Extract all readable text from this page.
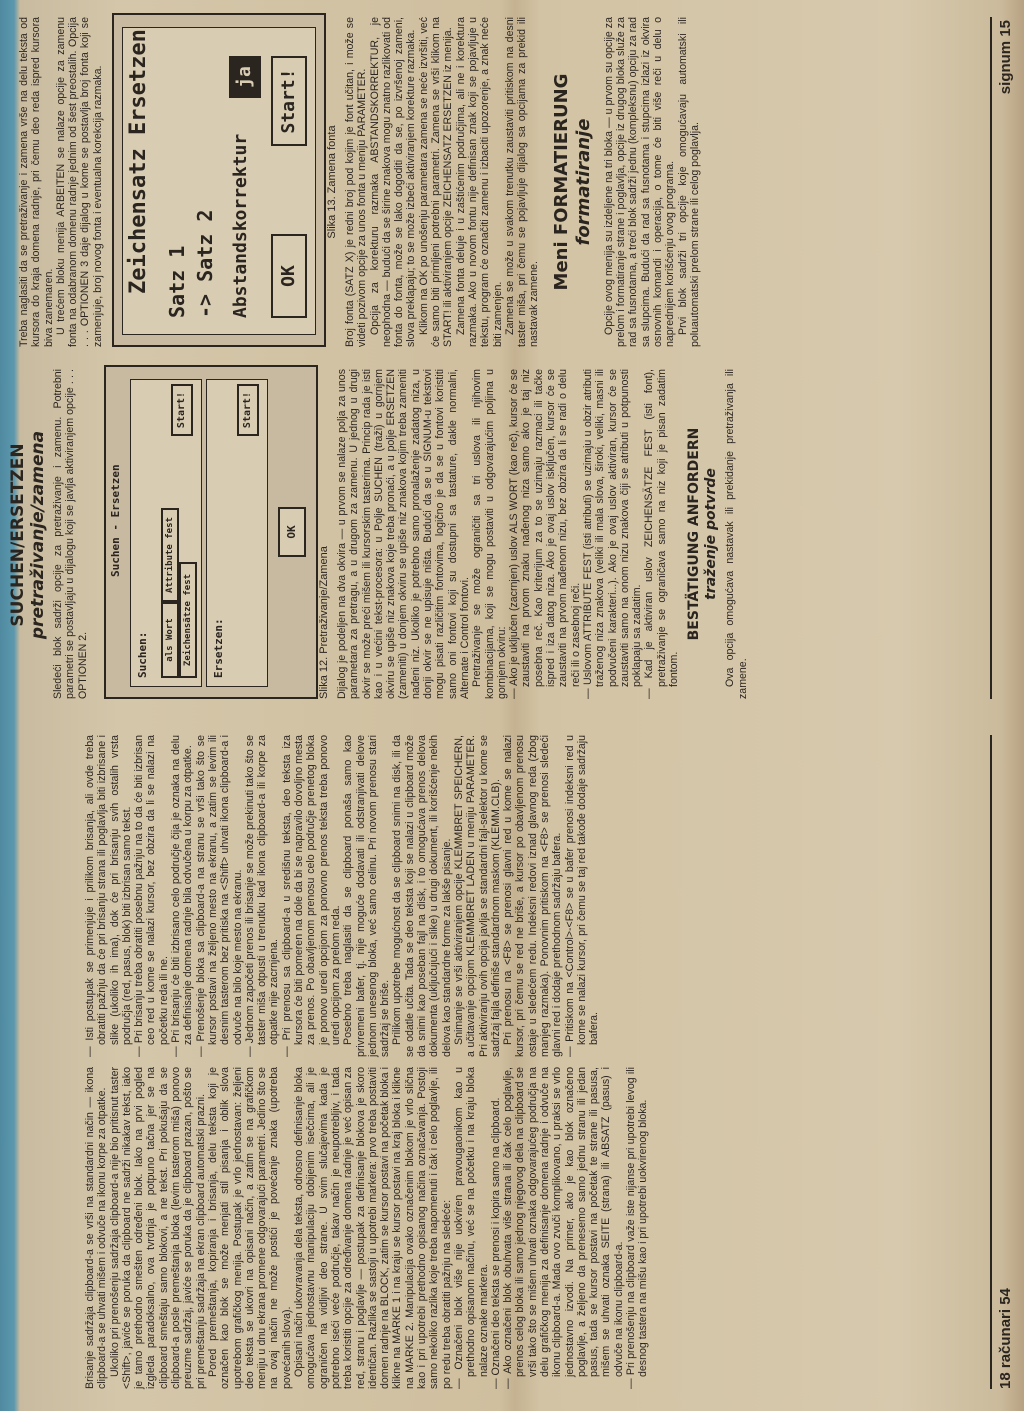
Brisanje sadržaja clipboard-a se vrši na standardni način — ikona clipboard-a se uhvati mišem i odvuče na ikonu korpe za otpatke. Ukoliko pri prenošenju sadržaja clipboard-a nije bio pritisnut taster <Shift>, javiće se poruka da clipboard ne sadrži nikakav tekst, iako je tamo prethodno smešten određeni blok. Iako na prvi pogled izgleda paradoksalno, ova tvrdnja je potpuno tačna jer se na clipboard smeštaju samo blokovi, a ne tekst. Pri pokušaju da se clipboard-a posle premeštanja bloka (levim tasterom miša) ponovo preuzme sadržaj, javiće se poruka da je clipboard prazan, pošto se pri premeštanju sadržaja na ekran clipboard automatski prazni. Pored premeštanja, kopiranja i brisanja, delu teksta koji je označen kao blok se može menjati stil pisanja i oblik slova upotrebom grafičkog menija. Postupak je vrlo jednostavan: željeni deo teksta se ukovri na opisani način, a zatim se na grafičkom meniju u dnu ekrana promene odgovarajući parametri. Jedino što se na ovaj način ne može postići je povećanje znaka (upotreba povećanih slova). Opisani način ukovravanja dela teksta, odnosno definisanje bloka omogućava jednostavnu manipulaciju dobijenim isečcima, ali je ograničen na vidljivi deo strane. U svim slučajevima kada je potrebno iseći veće područje, takav način je neupotrebljiv, i tada treba koristiti opcije za određivanje domena radnje je već opisan za red, stranu i poglavlje — postupak za definisanje blokova je skoro identičan. Razlika se sastoji u upotrebi markera: prvo treba postaviti domen radnje na BLOCK, zatim se kursor postavi na početak bloka i klikne na MARKE 1 i na kraju se kursor postavi na kraj bloka i klikne na MARKE 2. Manipulacija ovako označenim blokom je vrlo slična kao i pri upotrebi prethodno opisanog načina označavanja. Postoji samo nekoliko razlika koje treba napomenuti i čak i celo poglavlje, ili po redu treba obratiti pažnju na sledeće: — Označeni blok više nije uokviren pravougaonikom kao u prethodno opisanom načinu, već se na početku i na kraju bloka nalaze oznake markera. — Označeni deo teksta se prenosi i kopira samo na clipboard. — Ako označeni blok obuhvata više strana ili čak celo poglavlje, prenos celog bloka ili samo jednog njegovog dela na clipboard se vrši tako što se mišem uhvati oznaka odgovarajućeg područja na delu grafičkog menija za definisanje domena radnje i odvuče na ikonu clipboard-a. Mada ovo zvuči komplikovano, u praksi se vrlo jednostavno izvodi. Na primer, ako je kao blok označeno poglavlje, a željeno da prenesemo samo jednu stranu ili jedan pasus, tada se kursor postavi na početak te strane ili pasusa, mišem se uhvati oznaka SEITE (strana) ili ABSATZ (pasus) i odvuče na ikonu clipboard-a. — Pri prenošenju na clipboard važe iste nijanse pri upotrebi levog ili desnog tastera na mišu kao i pri upotrebi uokvirenog bloka.

— Isti postupak se primenjuje i prilikom brisanja, ali ovde treba obratiti pažnju da će pri brisanju strana ili poglavlja biti izbrisane i slike (ukoliko ih ima), dok će pri brisanju svih ostalih vrsta područja (red, pasus, blok) biti izbrisan samo tekst. — Pri brisanju treba obratiti posebnu pažnju na to da će biti izbrisan ceo red u kome se nalazi kursor, bez obzira da li se nalazi na početku reda ili ne. — Pri brisanju će biti izbrisano celo područje čija je oznaka na delu za definisanje domena radnje bila odvučena u korpu za otpatke. — Prenošenje bloka sa clipboard-a na stranu se vrši tako što se kursor postavi na željeno mesto na ekranu, a zatim se levim ili desnim tasterom bez pritiska na <Shift> uhvati ikona clipboard-a i odvuče na bilo koje mesto na ekranu. — Jednom započeti prenos ili brisanje se može prekinuti tako što se taster miša otpusti u trenutku kad ikona clipboard-a ili korpe za otpatke nije zacrnjena. — Pri prenosu sa clipboard-a u središnu teksta, deo teksta iza kursora će biti pomeren na dole da bi se napravilo dovoljno mesta za prenos. Po obavljenom prenosu celo područje prenetog bloka je ponovo uredi opcijom za ponovno prenos teksta treba ponovo uredi opcijom za prelom reda. Posebno treba naglasiti da se clipboard ponaša samo kao privremeni bafer, tj. nije moguće dodavati ili odstranjivati delove jednom unesenog bloka, već samo celinu. Pri novom prenosu stari sadržaj se briše. Prilikom upotrebe mogućnost da se clipboard snimi na disk, ili da se odatle učita. Tada se deo teksta koji se nalazi u clipboard može da snimi kao poseban fajl na disk, i to omogućava prenos delova dokumenta (uključujući i slike) u drugi dokument, ili korišćenje nekih delova kao standardne forme za lakše pisanje. Snimanje se vrši aktiviranjem opcije KLEMMBRET SPEICHERN, a učitavanje opcijom KLEMMBRET LADEN u meniju PARAMETER. Pri aktiviranju ovih opcija javlja se standardni fajl-selektor u kome se sadržaj fajla definiše standardnom maskom (KLEMM.CLB). Pri prenosu na <F8> se prenosi glavni red u kome se nalazi kursor, pri čemu se red ne briše, a kursor po obavljenom prenosu ostaje u sledećem redu. Indeksni redovi iznad glavnog reda (zbog manjeg razmaka). Ponovnim pritiskom na <F8> se prenosi sledeći glavni red i dodaje prethodnom sadržaju bafera. — Pritiskom na <Control>-<F8> se u bafer prenosi indeksni red u kome se nalazi kursor, pri čemu se taj red takođe dodaje sadržaju bafera.

18 računari 54
SUCHEN/ERSETZEN pretraživanje/zamena Sledeći blok sadrži opcije za pretraživanje i zamenu. Potrebni parametri se postavljaju u dijalogu koji se javlja aktiviranjem opcije . . . OPTIONEN 2.

Suchen - Ersetzen
Suchen:	als Wort
Attribute fest
Zeichensätze fest
Start!
Ersetzen:
Start!
OK
Slika 12. Pretraživanje/Zamena Dijalog je podeljen na dva okvira — u prvom se nalaze polja za unos parametara za pretragu, a u drugom za zamenu. U jednog u drugi okvir se može preći mišem ili kursorskim tasterima. Princip rada je isti kao i u većini tekst-procesora: u Polje SUCHEN (traži) u gornjem okviru se upiše niz znakova koje treba pronaći, a u polje ERSETZEN (zameniti) u donjem okviru se upiše niz znakova kojim treba zameniti nađeni niz. Ukoliko je potrebno samo pronalaženje zadatog niza, u donji okvir se ne upisuje ništa. Budući da se u SIGNUM-u tekstovi mogu pisati različitim fontovima, logično je da se u fontovi koristiti samo oni fontovi koji su dostupni sa tastature, dakle normalni, Alternate i Control fontovi. Pretraživanje se može ograničiti sa tri uslova ili njihovim kombinacijama, koji se mogu postaviti u odgovarajućim poljima u gornjem okviru: — Ako je uključen (zacrnjen) uslov ALS WORT (kao reč), kursor će se zaustaviti na prvom znaku nađenog niza samo ako je taj niz posebna reč. Kao kriterijum za to se uzimaju razmaci ili tačke ispred i iza datog niza. Ako je ovaj uslov isključen, kursor će se zaustaviti na prvom nađenom nizu, bez obzira da li se radi o delu reči ili o zasebnoj reči. — Uslovom ATTRIBUTE FEST (isti atributi) se uzimaju u obzir atributi traženog niza znakova (veliki ili mala slova, široki, veliki, masni ili podvučeni karakteri...). Ako je ovaj uslov aktiviran, kursor će se zaustaviti samo na onom nizu znakova čiji se atributi u potpunosti poklapaju sa zadatim. — Kad je aktiviran uslov ZEICHENSÄTZE FEST (isti font), pretraživanje se ograničava samo na niz koji je pisan zadatim fontom.

BESTÄTIGUNG ANFORDERN traženje potvrde Ova opcija omogućava nastavak ili prekidanje pretraživanja ili zamene.

Treba naglasiti da se pretraživanje i zamena vrše na delu teksta od kursora do kraja domena radnje, pri čemu deo reda ispred kursora biva zanemaren. U trećem bloku menija ARBEITEN se nalaze opcije za zamenu fonta na odabranom domenu radnje jednim od šest preostalih. Opcija . . . OPTIONEN 3 daje dijalog u kome se postavlja broj fonta koji se zamenjuje, broj novog fonta i eventualna korekcija razmaka. Zeichensatz Ersetzen Satz 1 -> Satz 2 Abstandskorrektur
ja
OK
Start!
Slika 13. Zamena fonta Broj fonta (SATZ X) je redni broj pod kojim je font učitan, i može se videti pozivom opcije za unos fonta u meniju PARAMETER. Opcija za korekturu razmaka ABSTANDSKORREKTUR, je neophodna — budući da se širine znakova mogu znatno razlikovati od fonta do fonta, može se lako dogoditi da se, po izvršenoj zameni, slova preklapaju; to se može izbeći aktiviranjem korekture razmaka. Klikom na OK po unošenju parametara zamena se neće izvršiti, već će samo biti primljeni potrebni parametri. Zamena se vrši klikom na START! ili aktiviranjem opcije ZEICHENSATZ ERSETZEN iz menija. Zamena fonta deluje i u zaštićenim područjima, ali ne i korektura razmaka. Ako u novom fontu nije definisan znak koji se pojavljuje u tekstu, program će označiti zamenu i izbaciti upozorenje, a znak neće biti zamenjen. Zamena se može u svakom trenutku zaustaviti pritiskom na desni taster miša, pri čemu se pojavljuje dijalog sa opcijama za prekid ili nastavak zamene.

Meni FORMATIERUNG formatiranje Opcije ovog menija su izdeljene na tri bloka — u prvom su opcije za prelom i formatiranje strane i poglavlja, opcije iz drugog bloka služe za rad sa fusnotama, a treći blok sadrži jednu (kompleksnu) opciju za rad sa slupcima. Budući da rad sa fusnotama i stupcima izlazi iz okvira osnovnih komandi i operacija, o tome će biti više reči u delu o naprednijem korišćenju ovog programa. Prvi blok sadrži tri opcije koje omogućavaju automatski ili poluautomatski prelom strane ili celog poglavlja.

signum 15
